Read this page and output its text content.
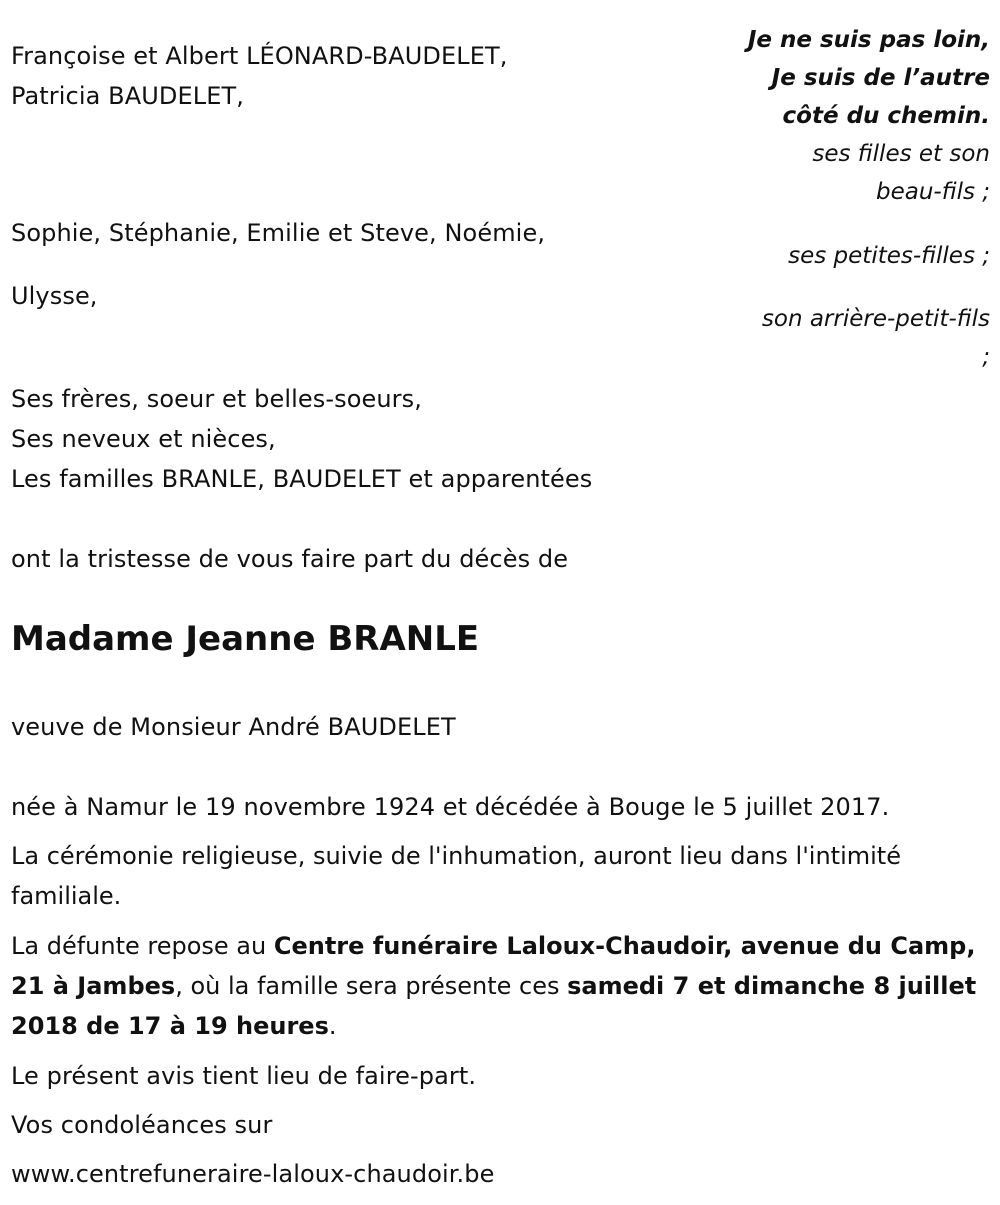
Françoise et Albert LÉONARD-BAUDELET,
Patricia BAUDELET,
Sophie, Stéphanie, Emilie et Steve, Noémie,
Ulysse,
Ses frères, soeur et belles-soeurs,
Ses neveux et nièces,
Les familles BRANLE, BAUDELET et apparentées
Je ne suis pas loin,
Je suis de l’autre
côté du chemin.
ses filles et son
beau-fils ;
ses petites-filles ;
son arrière-petit-fils
;
ont la tristesse de vous faire part du décès de
Madame Jeanne BRANLE
veuve de Monsieur André BAUDELET
née à Namur le 19 novembre 1924 et décédée à Bouge le 5 juillet 2017.
La cérémonie religieuse, suivie de l'inhumation, auront lieu dans l'intimité familiale.
La défunte repose au Centre funéraire Laloux-Chaudoir, avenue du Camp, 21 à Jambes, où la famille sera présente ces samedi 7 et dimanche 8 juillet 2018 de 17 à 19 heures.
Le présent avis tient lieu de faire-part.
Vos condoléances sur
www.centrefuneraire-laloux-chaudoir.be
